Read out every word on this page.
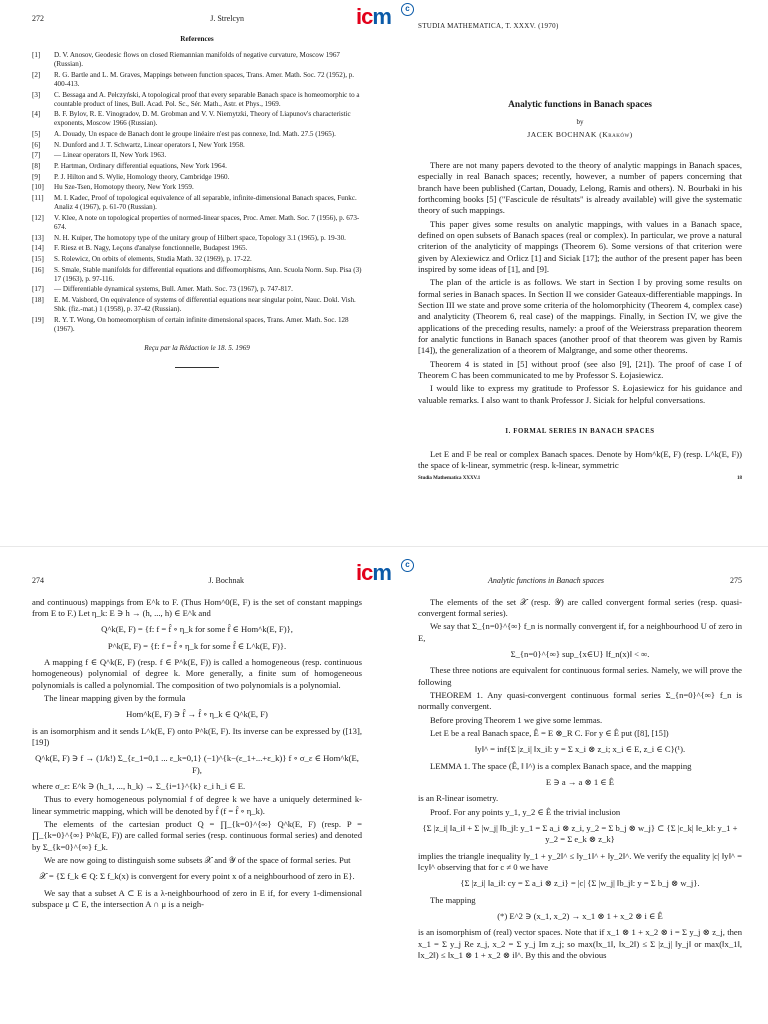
icm	c
icm	c
272	J. Strelcyn
References
[1]	D. V. Anosov, Geodesic flows on closed Riemannian manifolds of negative curvature, Moscow 1967 (Russian).
[2]	R. G. Bartle and L. M. Graves, Mappings between function spaces, Trans. Amer. Math. Soc. 72 (1952), p. 400-413.
[3]	C. Bessaga and A. Pełczyński, A topological proof that every separable Banach space is homeomorphic to a countable product of lines, Bull. Acad. Pol. Sc., Sér. Math., Astr. et Phys., 1969.
[4]	B. F. Bylov, R. E. Vinogradov, D. M. Grobman and V. V. Niemytzki, Theory of Liapunov's characteristic exponents, Moscow 1966 (Russian).
[5]	A. Douady, Un espace de Banach dont le groupe linéaire n'est pas connexe, Ind. Math. 27.5 (1965).
[6]	N. Dunford and J. T. Schwartz, Linear operators I, New York 1958.
[7]	— Linear operators II, New York 1963.
[8]	P. Hartman, Ordinary differential equations, New York 1964.
[9]	P. J. Hilton and S. Wylie, Homology theory, Cambridge 1960.
[10]	Hu Sze-Tsen, Homotopy theory, New York 1959.
[11]	M. I. Kadec, Proof of topological equivalence of all separable, infinite-dimensional Banach spaces, Funkc. Analiz 4 (1967), p. 61-70 (Russian).
[12]	V. Klee, A note on topological properties of normed-linear spaces, Proc. Amer. Math. Soc. 7 (1956), p. 673-674.
[13]	N. H. Kuiper, The homotopy type of the unitary group of Hilbert space, Topology 3.1 (1965), p. 19-30.
[14]	F. Riesz et B. Nagy, Leçons d'analyse fonctionnelle, Budapest 1965.
[15]	S. Rolewicz, On orbits of elements, Studia Math. 32 (1969), p. 17-22.
[16]	S. Smale, Stable manifolds for differential equations and diffeomorphisms, Ann. Scuola Norm. Sup. Pisa (3) 17 (1963), p. 97-116.
[17]	— Differentiable dynamical systems, Bull. Amer. Math. Soc. 73 (1967), p. 747-817.
[18]	E. M. Vaisbord, On equivalence of systems of differential equations near singular point, Nauc. Dokl. Vish. Shk. (fiz.-mat.) 1 (1958), p. 37-42 (Russian).
[19]	R. Y. T. Wong, On homeomorphism of certain infinite dimensional spaces, Trans. Amer. Math. Soc. 128 (1967).
Reçu par la Rédaction le 18. 5. 1969
STUDIA MATHEMATICA, T. XXXV. (1970)
Analytic functions in Banach spaces
by
JACEK BOCHNAK (Kraków)

There are not many papers devoted to the theory of analytic mappings in Banach spaces, especially in real Banach spaces; recently, however, a number of papers concerning that branch have been published (Cartan, Douady, Lelong, Ramis and others). N. Bourbaki in his forthcoming books [5] ("Fascicule de résultats" is already available) will give the systematic theory of such mappings.

This paper gives some results on analytic mappings, with values in a Banach space, defined on open subsets of Banach spaces (real or complex). In particular, we prove a natural criterion of the analyticity of mappings (Theorem 6). Some versions of that criterion were given by Alexiewicz and Orlicz [1] and Siciak [17]; the author of the present paper has been inspired by some ideas of [1], and [9].

The plan of the article is as follows. We start in Section I by proving some results on formal series in Banach spaces. In Section II we consider Gateaux-differentiable mappings. In Section III we state and prove some criteria of the holomorphicity (Theorem 4, complex case) and analyticity (Theorem 6, real case) of the mappings. Finally, in Section IV, we give the applications of the preceding results, namely: a proof of the Weierstrass preparation theorem for analytic functions in Banach spaces (another proof of that theorem was given by Ramis [14]), the generalization of a theorem of Malgrange, and some other theorems.

Theorem 4 is stated in [5] without proof (see also [9], [21]). The proof of case I of Theorem C has been communicated to me by Professor S. Łojasiewicz.

I would like to express my gratitude to Professor S. Łojasiewicz for his guidance and valuable remarks. I also want to thank Professor J. Siciak for helpful conversations.

I. FORMAL SERIES IN BANACH SPACES

Let E and F be real or complex Banach spaces. Denote by Hom^k(E, F) (resp. L^k(E, F)) the space of k-linear, symmetric (resp. k-linear, symmetric

Studia Mathematica XXXV.1	18
274	J. Bochnak

and continuous) mappings from E^k to F. (Thus Hom^0(E, F) is the set of constant mappings from E to F.) Let η_k: E ∋ h → (h, ..., h) ∈ E^k and

Q^k(E, F) = {f: f = f̂ ∘ η_k for some f̂ ∈ Hom^k(E, F)},
P^k(E, F) = {f: f = f̂ ∘ η_k for some f̂ ∈ L^k(E, F)}.

A mapping f ∈ Q^k(E, F) (resp. f ∈ P^k(E, F)) is called a homogeneous (resp. continuous homogeneous) polynomial of degree k. More generally, a finite sum of homogeneous polynomials is called a polynomial. The composition of two polynomials is a polynomial.

The linear mapping given by the formula

Hom^k(E, F) ∋ f̂ → f̂ ∘ η_k ∈ Q^k(E, F)

is an isomorphism and it sends L^k(E, F) onto P^k(E, F). Its inverse can be expressed by ([13], [19])

Q^k(E, F) ∋ f → (1/k!) Σ_{ε_1=0,1 ... ε_k=0,1} (−1)^{k−(ε_1+...+ε_k)} f ∘ σ_ε ∈ Hom^k(E, F),

where σ_ε: E^k ∋ (h_1, ..., h_k) → Σ_{i=1}^{k} ε_i h_i ∈ E.

Thus to every homogeneous polynomial f of degree k we have a uniquely determined k-linear symmetric mapping, which will be denoted by f̂ (f = f̂ ∘ η_k).

The elements of the cartesian product Q = ∏_{k=0}^{∞} Q^k(E, F) (resp. P = ∏_{k=0}^{∞} P^k(E, F)) are called formal series (resp. continuous formal series) and denoted by Σ_{k=0}^{∞} f_k.

We are now going to distinguish some subsets 𝒳 and 𝒴 of the space of formal series. Put

𝒳 = {Σ f_k ∈ Q: Σ f_k(x) is convergent for every point x of a neighbourhood of zero in E}.

We say that a subset A ⊂ E is a λ-neighbourhood of zero in E if, for every 1-dimensional subspace μ ⊂ E, the intersection A ∩ μ is a neigh-

Analytic functions in Banach spaces	275

The elements of the set 𝒳 (resp. 𝒴) are called convergent formal series (resp. quasi-convergent formal series).

We say that Σ_{n=0}^{∞} f_n is normally convergent if, for a neighbourhood U of zero in E,

Σ_{n=0}^{∞} sup_{x∈U} ‖f_n(x)‖ < ∞.

These three notions are equivalent for continuous formal series. Namely, we will prove the following

THEOREM 1. Any quasi-convergent continuous formal series Σ_{n=0}^{∞} f_n is normally convergent.

Before proving Theorem 1 we give some lemmas.

Let E be a real Banach space, Ê = E ⊗_R C. For y ∈ Ê put ([8], [15])

‖y‖^ = inf{Σ |z_i| ‖x_i‖: y = Σ x_i ⊗ z_i; x_i ∈ E, z_i ∈ C}(¹).

LEMMA 1. The space (Ê, ‖ ‖^) is a complex Banach space, and the mapping

E ∋ a → a ⊗ 1 ∈ Ê

is an R-linear isometry.

Proof. For any points y_1, y_2 ∈ Ê the trivial inclusion

{Σ |z_i| ‖a_i‖ + Σ |w_j| ‖b_j‖: y_1 = Σ a_i ⊗ z_i, y_2 = Σ b_j ⊗ w_j} ⊂ {Σ |c_k| ‖e_k‖: y_1 + y_2 = Σ e_k ⊗ z_k}

implies the triangle inequality ‖y_1 + y_2‖^ ≤ ‖y_1‖^ + ‖y_2‖^. We verify the equality |c| ‖y‖^ = ‖cy‖^ observing that for c ≠ 0 we have

{Σ |z_i| ‖a_i‖: cy = Σ a_i ⊗ z_i} = |c| {Σ |w_j| ‖b_j‖: y = Σ b_j ⊗ w_j}.

The mapping

(*) E^2 ∋ (x_1, x_2) → x_1 ⊗ 1 + x_2 ⊗ i ∈ Ê

is an isomorphism of (real) vector spaces. Note that if x_1 ⊗ 1 + x_2 ⊗ i = Σ y_j ⊗ z_j, then x_1 = Σ y_j Re z_j, x_2 = Σ y_j Im z_j; so max(‖x_1‖, ‖x_2‖) ≤ Σ |z_j| ‖y_j‖ or max(‖x_1‖, ‖x_2‖) ≤ ‖x_1 ⊗ 1 + x_2 ⊗ i‖^. By this and the obvious
